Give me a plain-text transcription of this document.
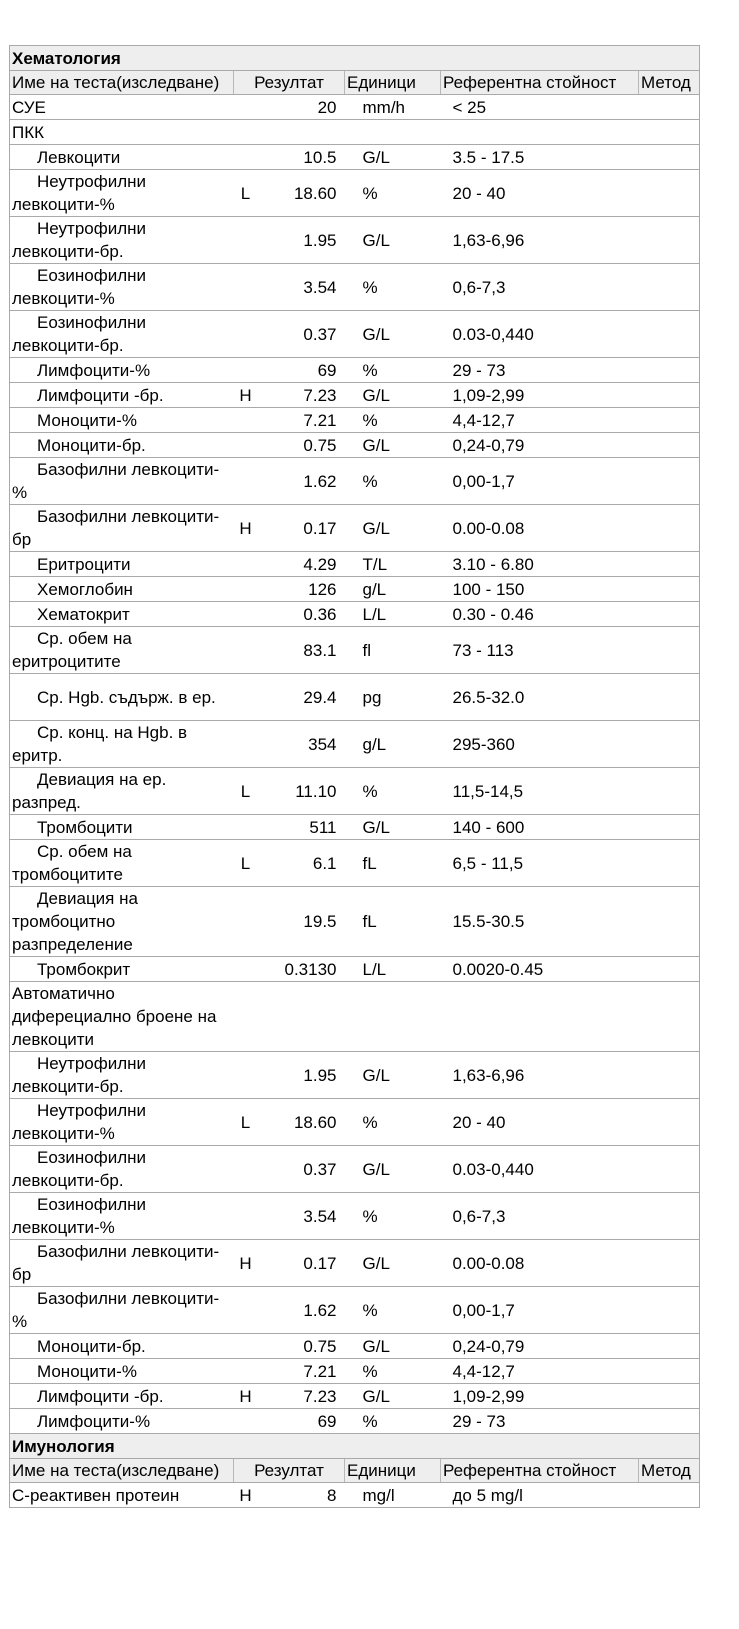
Хематология					
Име на теста(изследване)	Резултат		Единици	Референтна стойност	Метод
СУЕ		20	mm/h	< 25	
ПКК					
Левкоцити		10.5	G/L	3.5 - 17.5	
Неутрофилни левкоцити-%	L	18.60	%	20 - 40	
Неутрофилни левкоцити-бр.		1.95	G/L	1,63-6,96	
Еозинофилни левкоцити-%		3.54	%	0,6-7,3	
Еозинофилни левкоцити-бр.		0.37	G/L	0.03-0,440	
Лимфоцити-%		69	%	29 - 73	
Лимфоцити -бр.	H	7.23	G/L	1,09-2,99	
Моноцити-%		7.21	%	4,4-12,7	
Моноцити-бр.		0.75	G/L	0,24-0,79	
Базофилни левкоцити-%		1.62	%	0,00-1,7	
Базофилни левкоцити-бр	H	0.17	G/L	0.00-0.08	
Еритроцити		4.29	T/L	3.10 - 6.80	
Хемоглобин		126	g/L	100 - 150	
Хематокрит		0.36	L/L	0.30 - 0.46	
Ср. обем на еритроцитите		83.1	fl	73 - 113	
Ср. Hgb. съдърж. в ер.		29.4	pg	26.5-32.0	
Ср. конц. на Hgb. в еритр.		354	g/L	295-360	
Девиация на ер. разпред.	L	11.10	%	11,5-14,5	
Тромбоцити		511	G/L	140 - 600	
Ср. обем на тромбоцитите	L	6.1	fL	6,5 - 11,5	
Девиация на тромбоцитно разпределение		19.5	fL	15.5-30.5	
Тромбокрит		0.3130	L/L	0.0020-0.45	
Автоматично диферециално броене на левкоцити					
Неутрофилни левкоцити-бр.		1.95	G/L	1,63-6,96	
Неутрофилни левкоцити-%	L	18.60	%	20 - 40	
Еозинофилни левкоцити-бр.		0.37	G/L	0.03-0,440	
Еозинофилни левкоцити-%		3.54	%	0,6-7,3	
Базофилни левкоцити-бр	H	0.17	G/L	0.00-0.08	
Базофилни левкоцити-%		1.62	%	0,00-1,7	
Моноцити-бр.		0.75	G/L	0,24-0,79	
Моноцити-%		7.21	%	4,4-12,7	
Лимфоцити -бр.	H	7.23	G/L	1,09-2,99	
Лимфоцити-%		69	%	29 - 73	
Имунология					
Име на теста(изследване)	Резултат		Единици	Референтна стойност	Метод
С-реактивен протеин	H	8	mg/l	до 5 mg/l	
